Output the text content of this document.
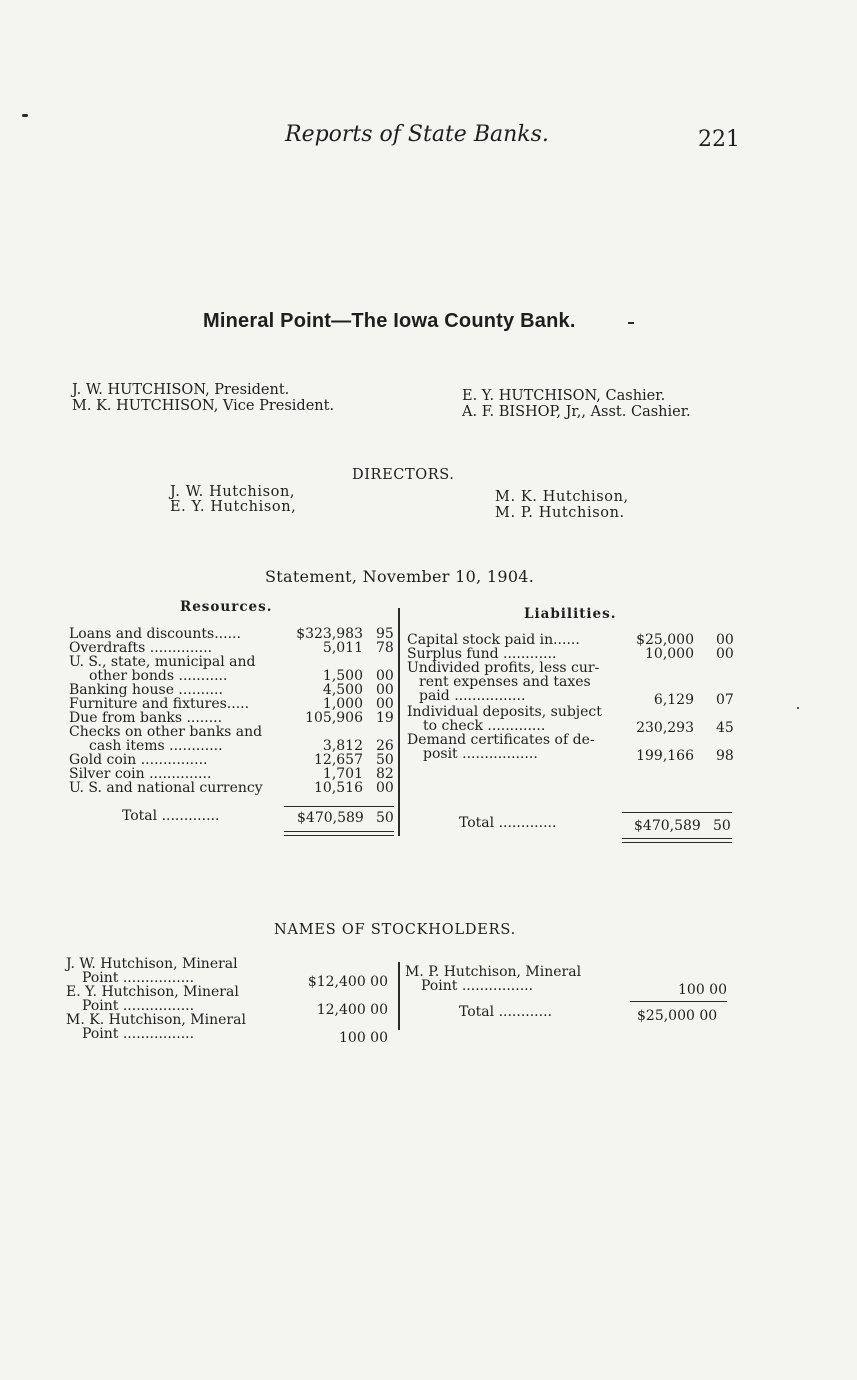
Reports of State Banks.	221
Mineral Point—The Iowa County Bank.
J. W. HUTCHISON, President.
M. K. HUTCHISON, Vice President.
E. Y. HUTCHISON, Cashier.
A. F. BISHOP, Jr,, Asst. Cashier.
DIRECTORS.
J. W. Hutchison,
E. Y. Hutchison,
M. K. Hutchison,
M. P. Hutchison.
Statement, November 10, 1904.
Resources.	Liabilities.
Loans and discounts......	$323,983 95
Overdrafts ..............	5,011 78
U. S., state, municipal and
other bonds ...........	1,500 00
Banking house ..........	4,500 00
Furniture and fixtures.....	1,000 00
Due from banks ........	105,906 19
Checks on other banks and
cash items ............	3,812 26
Gold coin ...............	12,657 50
Silver coin ..............	1,701 82
U. S. and national currency	10,516 00
Total .............	$470,589 50
Capital stock paid in......	$25,000 00
Surplus fund ............	10,000 00
Undivided profits, less cur-
rent expenses and taxes
paid ................	6,129 07
Individual deposits, subject
to check .............	230,293 45
Demand certificates of de-
posit .................	199,166 98
Total .............	$470,589 50
NAMES OF STOCKHOLDERS.
J. W. Hutchison, Mineral
Point ................	$12,400 00
E. Y. Hutchison, Mineral
Point ................	12,400 00
M. K. Hutchison, Mineral
Point ................	100 00
M. P. Hutchison, Mineral
Point ................	100 00
Total ............	$25,000 00
